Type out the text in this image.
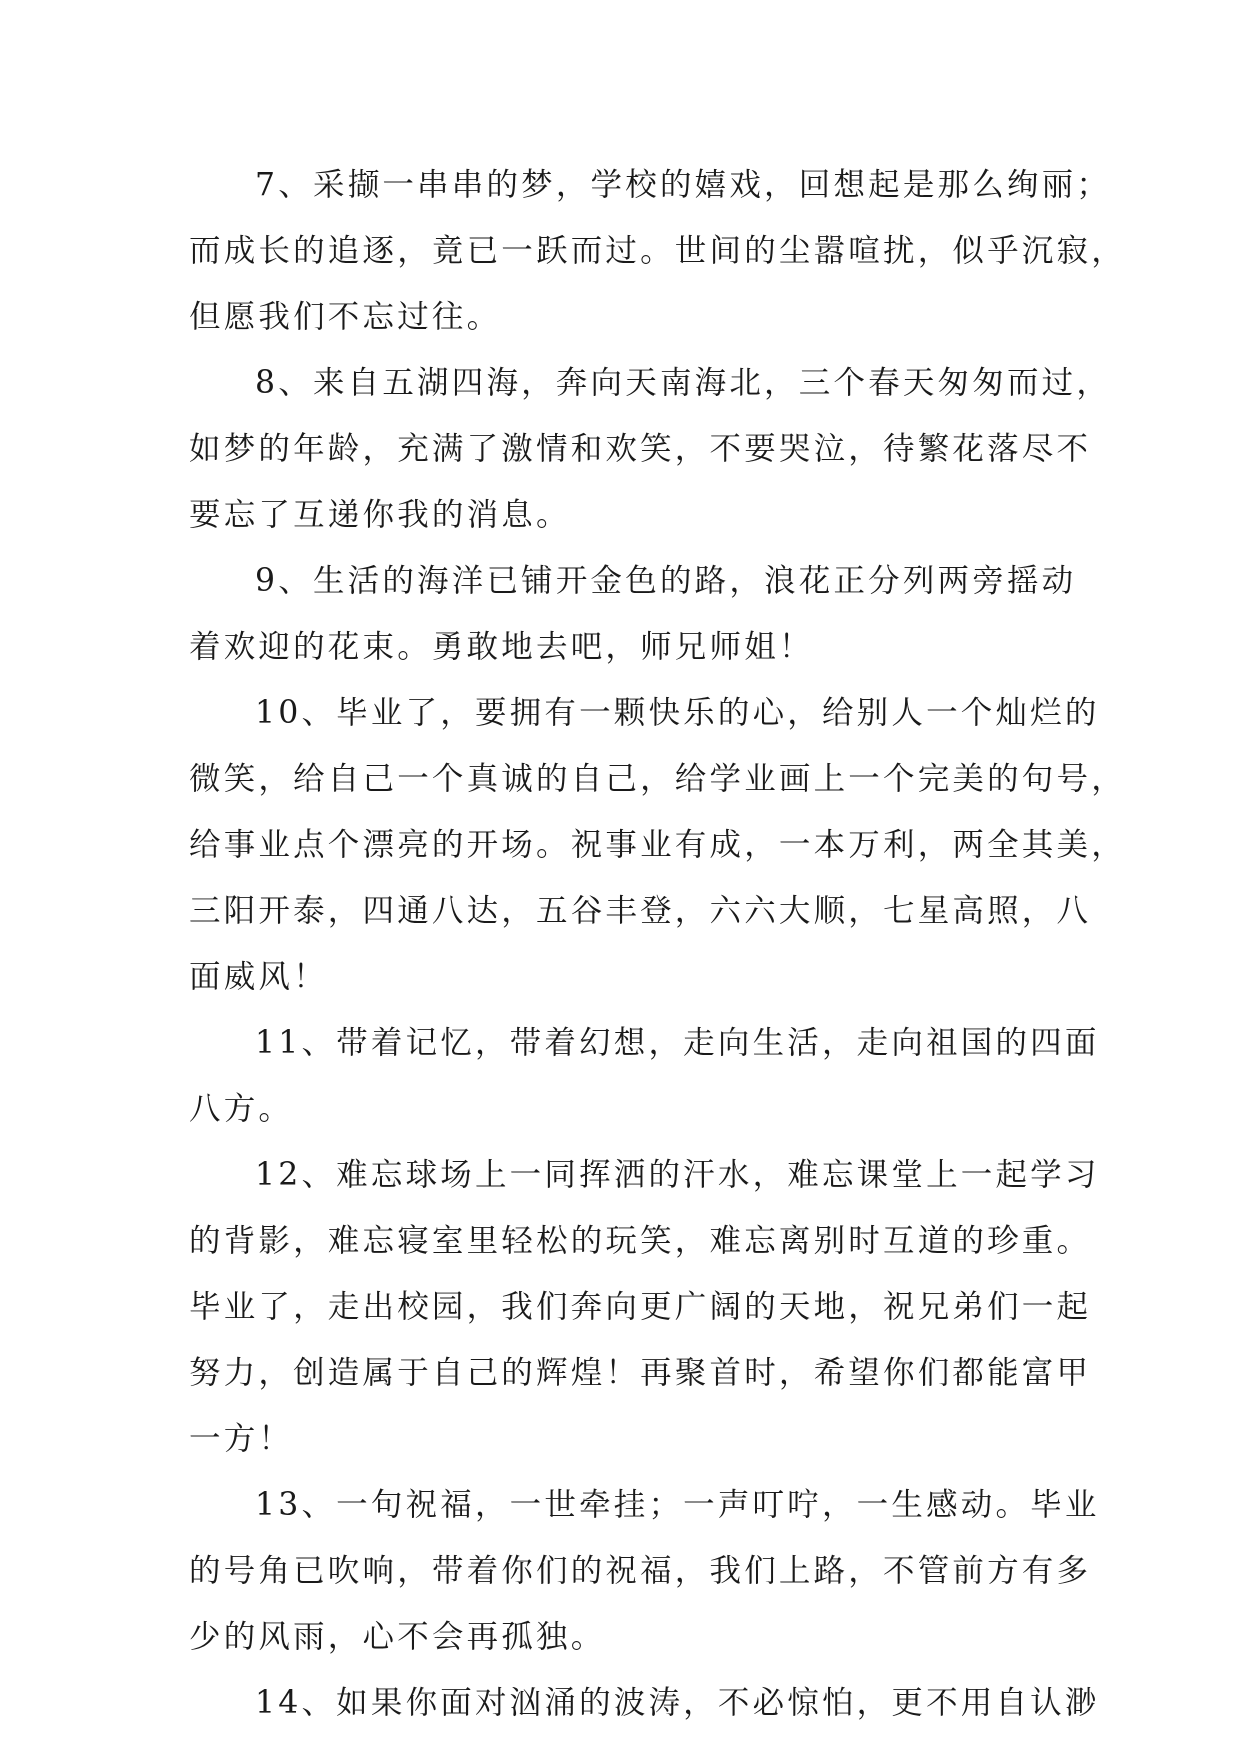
7、采撷一串串的梦，学校的嬉戏，回想起是那么绚丽；
而成长的追逐，竟已一跃而过。世间的尘嚣喧扰，似乎沉寂，
但愿我们不忘过往。
8、来自五湖四海，奔向天南海北，三个春天匆匆而过，
如梦的年龄，充满了激情和欢笑，不要哭泣，待繁花落尽不
要忘了互递你我的消息。
9、生活的海洋已铺开金色的路，浪花正分列两旁摇动
着欢迎的花束。勇敢地去吧，师兄师姐！
10、毕业了，要拥有一颗快乐的心，给别人一个灿烂的
微笑，给自己一个真诚的自己，给学业画上一个完美的句号，
给事业点个漂亮的开场。祝事业有成，一本万利，两全其美，
三阳开泰，四通八达，五谷丰登，六六大顺，七星高照，八
面威风！
11、带着记忆，带着幻想，走向生活，走向祖国的四面
八方。
12、难忘球场上一同挥洒的汗水，难忘课堂上一起学习
的背影，难忘寝室里轻松的玩笑，难忘离别时互道的珍重。
毕业了，走出校园，我们奔向更广阔的天地，祝兄弟们一起
努力，创造属于自己的辉煌！再聚首时，希望你们都能富甲
一方！
13、一句祝福，一世牵挂；一声叮咛，一生感动。毕业
的号角已吹响，带着你们的祝福，我们上路，不管前方有多
少的风雨，心不会再孤独。
14、如果你面对汹涌的波涛，不必惊怕，更不用自认渺
